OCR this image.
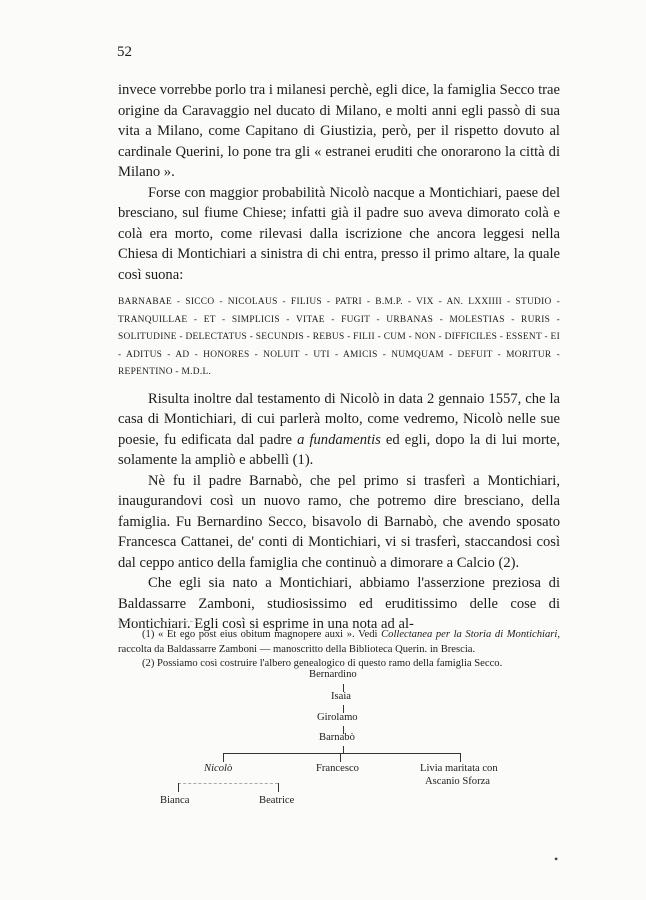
52

invece vorrebbe porlo tra i milanesi perchè, egli dice, la famiglia Secco trae origine da Caravaggio nel ducato di Milano, e molti anni egli passò di sua vita a Milano, come Capitano di Giustizia, però, per il rispetto dovuto al cardinale Querini, lo pone tra gli « estranei eruditi che onorarono la città di Milano ».

Forse con maggior probabilità Nicolò nacque a Montichiari, paese del bresciano, sul fiume Chiese; infatti già il padre suo aveva dimorato colà e colà era morto, come rilevasi dalla iscrizione che ancora leggesi nella Chiesa di Montichiari a sinistra di chi entra, presso il primo altare, la quale così suona:

BARNABAE - SICCO - NICOLAUS - FILIUS - PATRI - B.M.P. - VIX - AN. LXXIIII - STUDIO - TRANQUILLAE - ET - SIMPLICIS - VITAE - FUGIT - URBANAS - MOLESTIAS - RURIS - SOLITUDINE - DELECTATUS - SECUNDIS - REBUS - FILII - CUM - NON - DIFFICILES - ESSENT - EI - ADITUS - AD - HONORES - NOLUIT - UTI - AMICIS - NUMQUAM - DEFUIT - MORITUR - REPENTINO - M.D.L.

Risulta inoltre dal testamento di Nicolò in data 2 gennaio 1557, che la casa di Montichiari, di cui parlerà molto, come vedremo, Nicolò nelle sue poesie, fu edificata dal padre a fundamentis ed egli, dopo la di lui morte, solamente la ampliò e abbellì (1).

Nè fu il padre Barnabò, che pel primo si trasferì a Montichiari, inaugurandovi così un nuovo ramo, che potremo dire bresciano, della famiglia. Fu Bernardino Secco, bisavolo di Barnabò, che avendo sposato Francesca Cattanei, de' conti di Montichiari, vi si trasferì, staccandosi così dal ceppo antico della famiglia che continuò a dimorare a Calcio (2).

Che egli sia nato a Montichiari, abbiamo l'asserzione preziosa di Baldassarre Zamboni, studiosissimo ed eruditissimo delle cose di Montichiari. Egli così si esprime in una nota ad al-

(1) « Et ego post eius obitum magnopere auxi ». Vedi Collectanea per la Storia di Montichiari, raccolta da Baldassarre Zamboni — manoscritto della Biblioteca Querin. in Brescia.

(2) Possiamo così costruire l'albero genealogico di questo ramo della famiglia Secco.

Bernardino
Isaia
Girolamo
Barnabò
Nicolò	Francesco	Livia maritata con
Ascanio Sforza
Bianca	Beatrice
•
